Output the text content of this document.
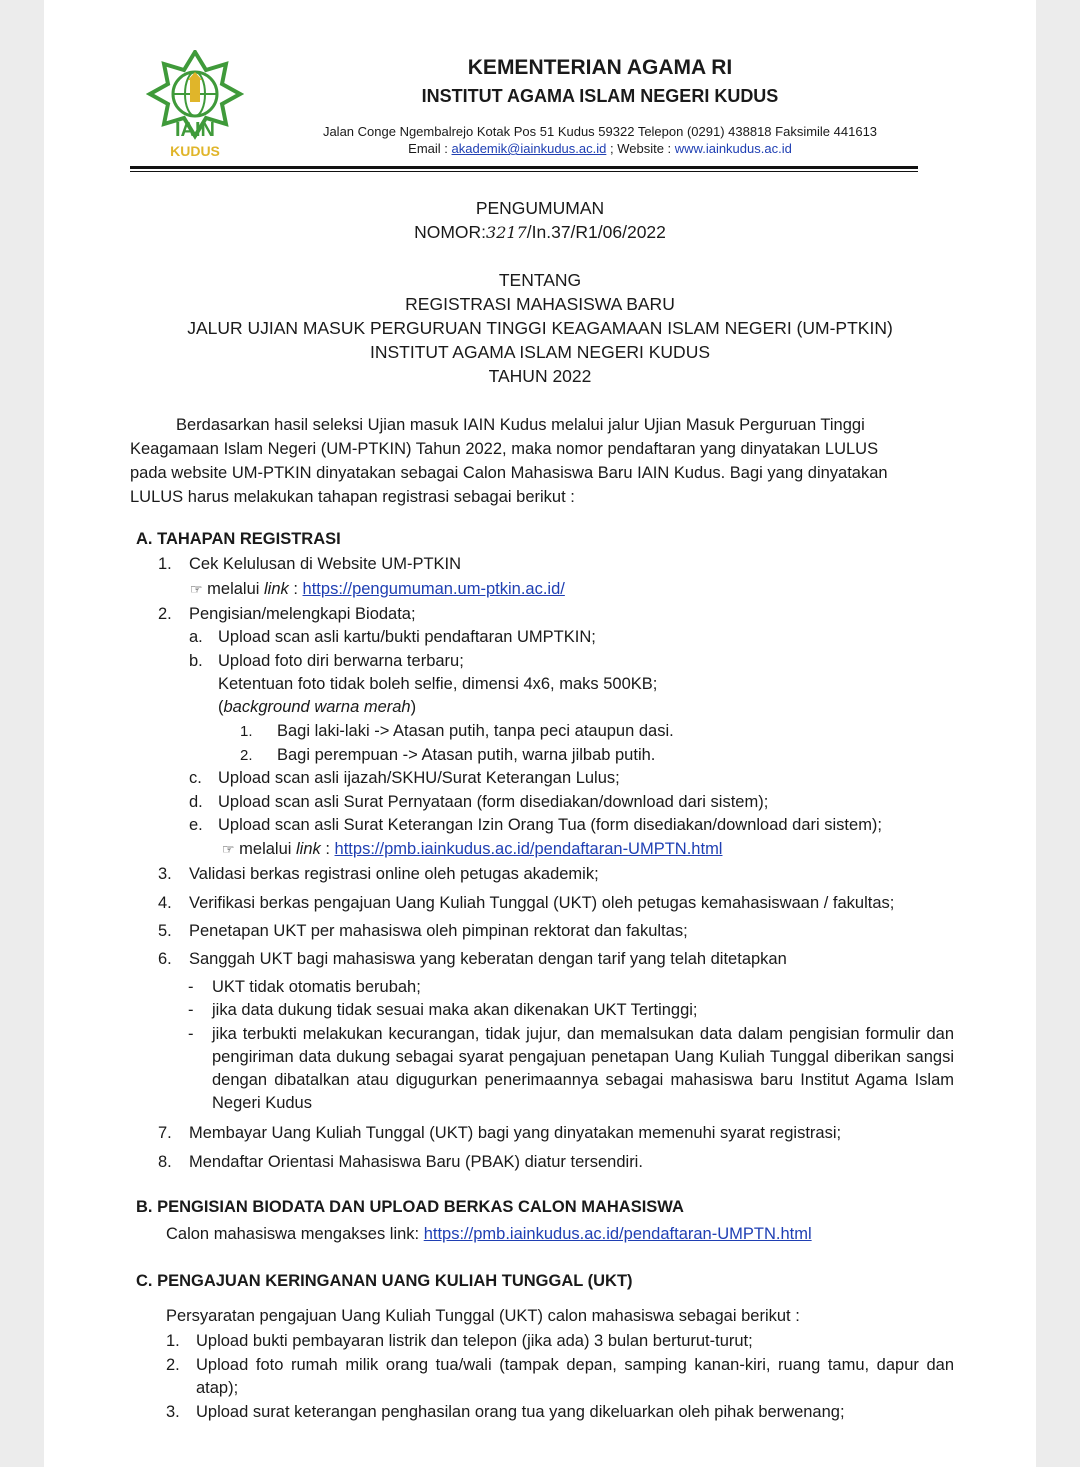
IAIN
KUDUS
KEMENTERIAN AGAMA RI
INSTITUT AGAMA ISLAM NEGERI KUDUS
Jalan Conge Ngembalrejo Kotak Pos 51 Kudus 59322 Telepon (0291) 438818 Faksimile 441613
Email : akademik@iainkudus.ac.id ; Website : www.iainkudus.ac.id
PENGUMUMAN
NOMOR:3217/In.37/R1/06/2022
TENTANG
REGISTRASI MAHASISWA BARU
JALUR UJIAN MASUK PERGURUAN TINGGI KEAGAMAAN ISLAM NEGERI (UM-PTKIN)
INSTITUT AGAMA ISLAM NEGERI KUDUS
TAHUN 2022
Berdasarkan hasil seleksi Ujian masuk IAIN Kudus melalui jalur Ujian Masuk Perguruan Tinggi
Keagamaan Islam Negeri (UM-PTKIN) Tahun 2022, maka nomor pendaftaran yang dinyatakan LULUS
pada website UM-PTKIN dinyatakan sebagai Calon Mahasiswa Baru IAIN Kudus. Bagi yang dinyatakan
LULUS harus melakukan tahapan registrasi sebagai berikut :
A. TAHAPAN REGISTRASI
1. Cek Kelulusan di Website UM-PTKIN
☞ melalui link : https://pengumuman.um-ptkin.ac.id/
2. Pengisian/melengkapi Biodata;
a. Upload scan asli kartu/bukti pendaftaran UMPTKIN;
b. Upload foto diri berwarna terbaru;
Ketentuan foto tidak boleh selfie, dimensi 4x6, maks 500KB;
(background warna merah)
1. Bagi laki-laki -> Atasan putih, tanpa peci ataupun dasi.
2. Bagi perempuan -> Atasan putih, warna jilbab putih.
c. Upload scan asli ijazah/SKHU/Surat Keterangan Lulus;
d. Upload scan asli Surat Pernyataan (form disediakan/download dari sistem);
e. Upload scan asli Surat Keterangan Izin Orang Tua (form disediakan/download dari sistem);
☞ melalui link : https://pmb.iainkudus.ac.id/pendaftaran-UMPTN.html
3. Validasi berkas registrasi online oleh petugas akademik;
4. Verifikasi berkas pengajuan Uang Kuliah Tunggal (UKT) oleh petugas kemahasiswaan / fakultas;
5. Penetapan UKT per mahasiswa oleh pimpinan rektorat dan fakultas;
6. Sanggah UKT bagi mahasiswa yang keberatan dengan tarif yang telah ditetapkan
- UKT tidak otomatis berubah;
- jika data dukung tidak sesuai maka akan dikenakan UKT Tertinggi;
- jika terbukti melakukan kecurangan, tidak jujur, dan memalsukan data dalam pengisian formulir dan pengiriman data dukung sebagai syarat pengajuan penetapan Uang Kuliah Tunggal diberikan sangsi dengan dibatalkan atau digugurkan penerimaannya sebagai mahasiswa baru Institut Agama Islam Negeri Kudus
7. Membayar Uang Kuliah Tunggal (UKT) bagi yang dinyatakan memenuhi syarat registrasi;
8. Mendaftar Orientasi Mahasiswa Baru (PBAK) diatur tersendiri.
B. PENGISIAN BIODATA DAN UPLOAD BERKAS CALON MAHASISWA
Calon mahasiswa mengakses link: https://pmb.iainkudus.ac.id/pendaftaran-UMPTN.html
C. PENGAJUAN KERINGANAN UANG KULIAH TUNGGAL (UKT)
Persyaratan pengajuan Uang Kuliah Tunggal (UKT) calon mahasiswa sebagai berikut :
1. Upload bukti pembayaran listrik dan telepon (jika ada) 3 bulan berturut-turut;
2. Upload foto rumah milik orang tua/wali (tampak depan, samping kanan-kiri, ruang tamu, dapur dan atap);
3. Upload surat keterangan penghasilan orang tua yang dikeluarkan oleh pihak berwenang;
